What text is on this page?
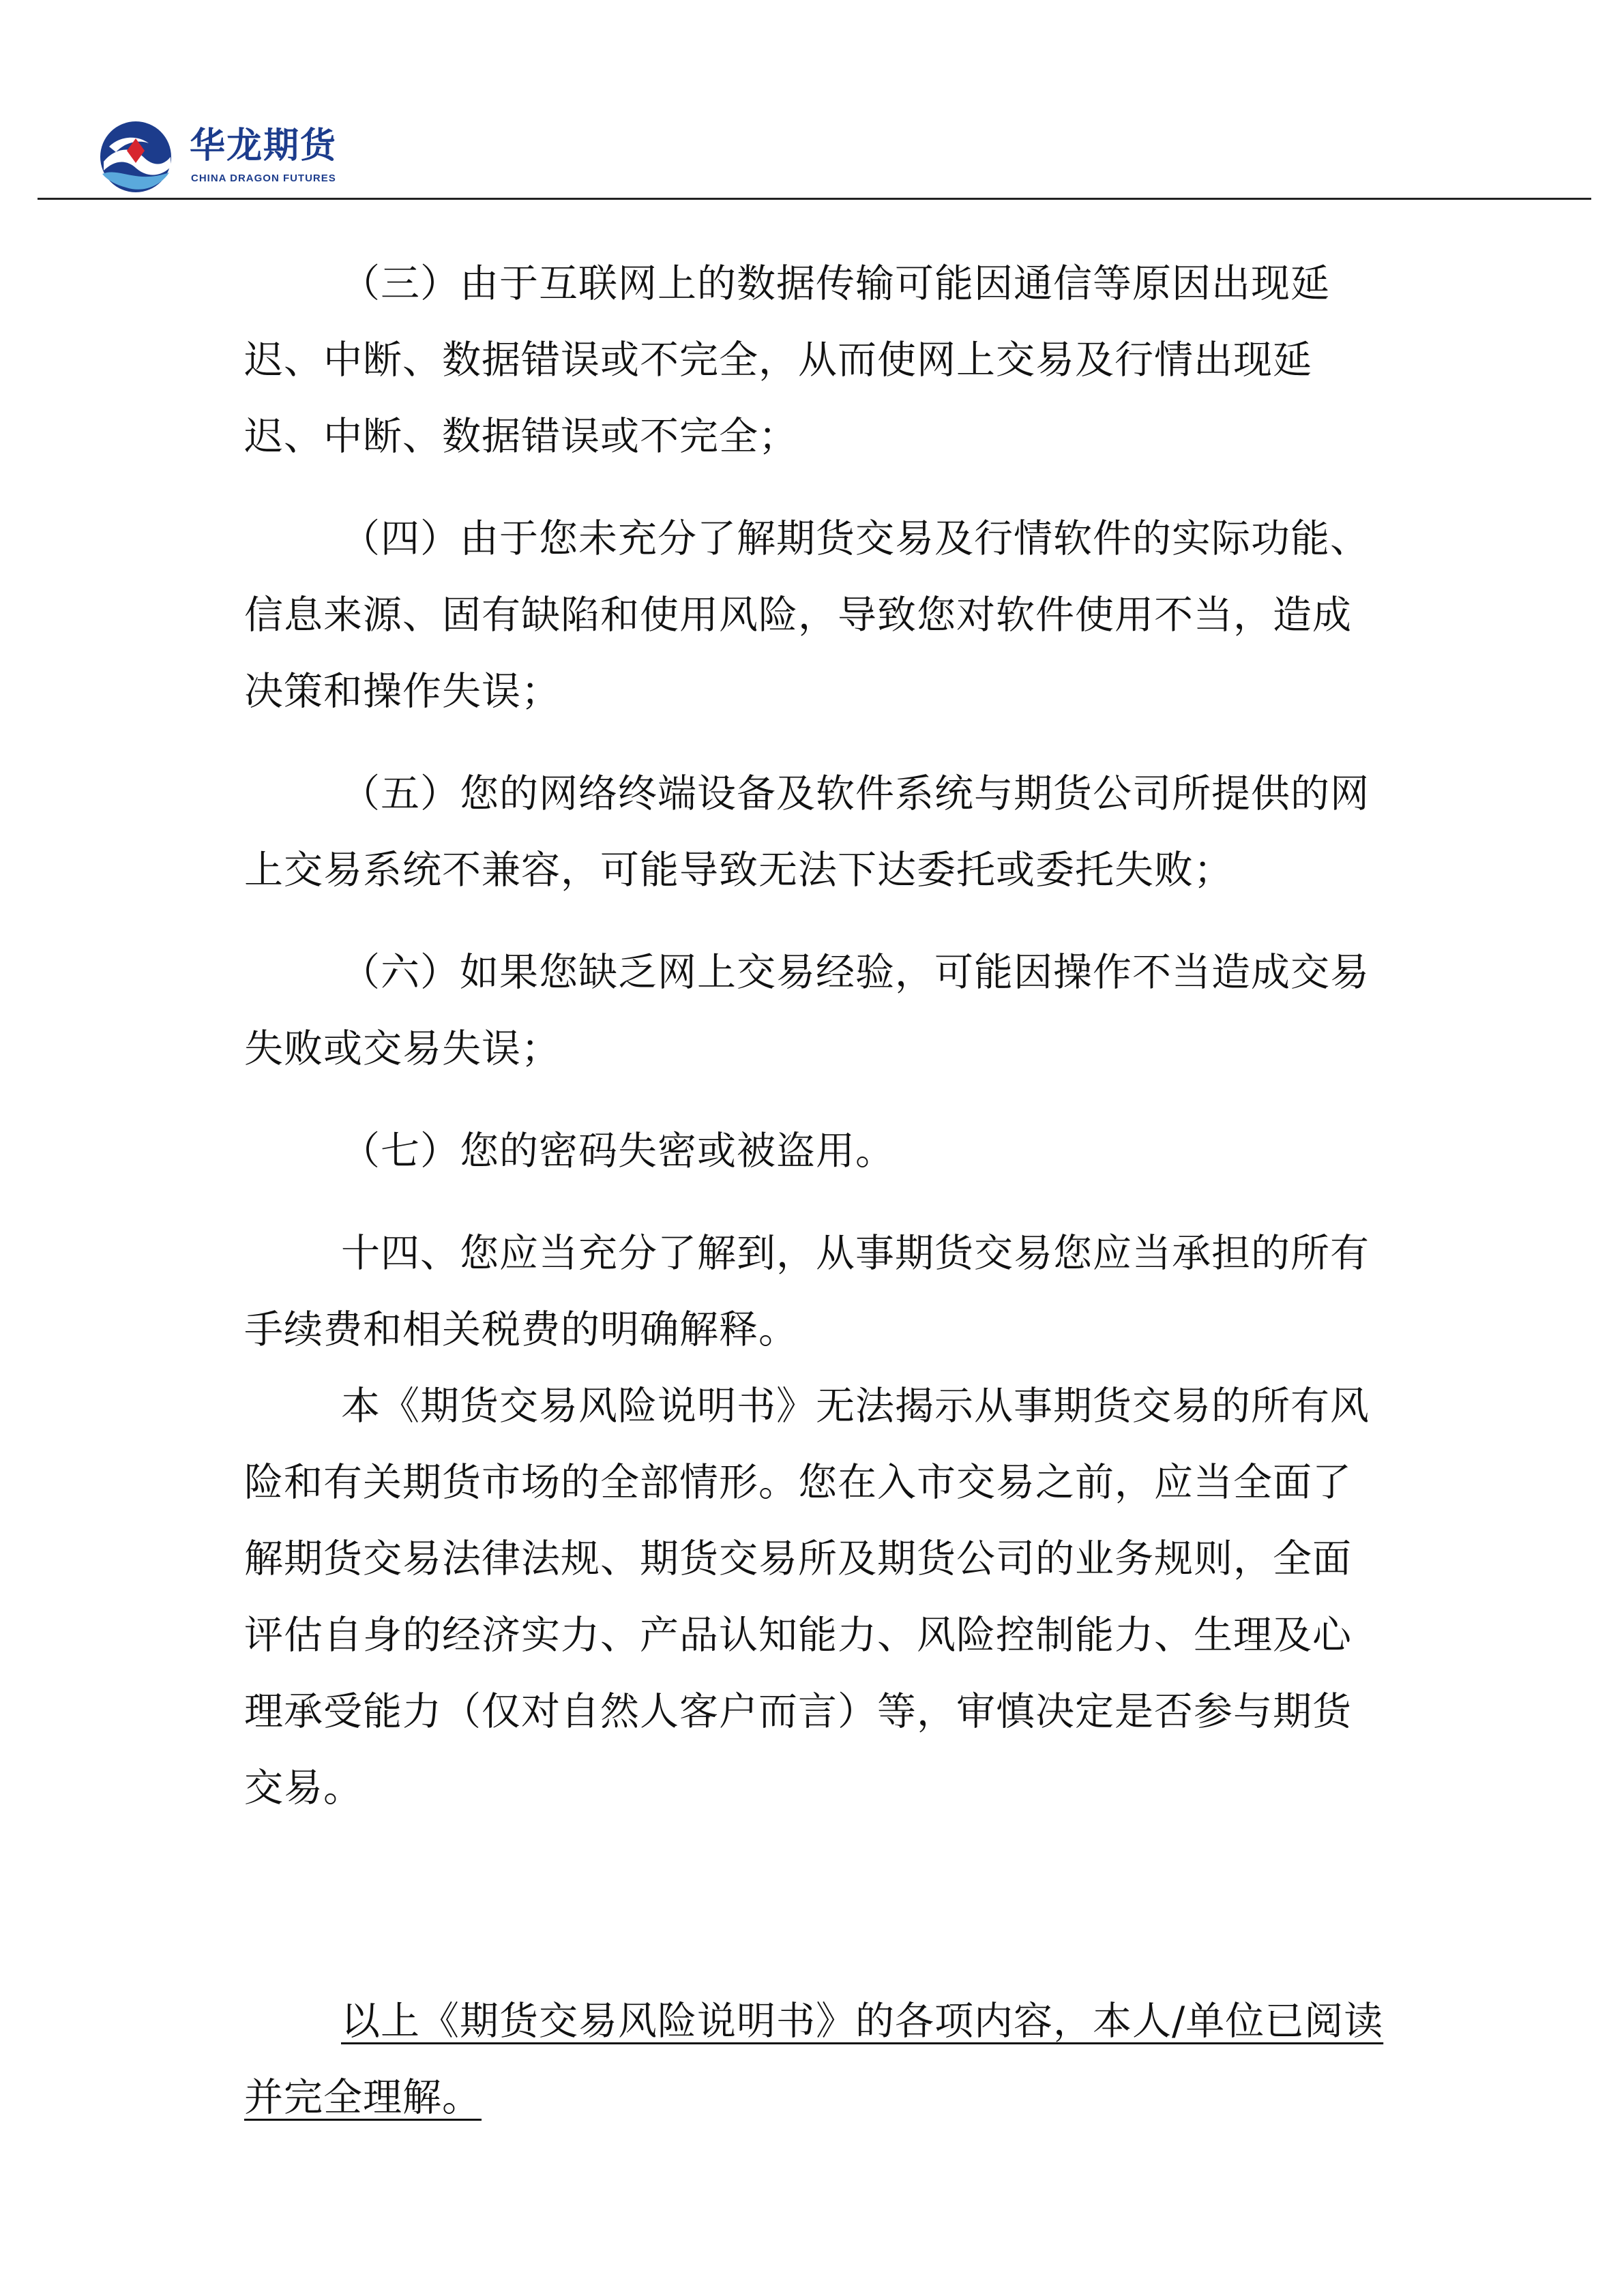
华龙期货
CHINA DRAGON FUTURES

（三）由于互联网上的数据传输可能因通信等原因出现延迟、中断、数据错误或不完全，从而使网上交易及行情出现延迟、中断、数据错误或不完全；

（四）由于您未充分了解期货交易及行情软件的实际功能、信息来源、固有缺陷和使用风险，导致您对软件使用不当，造成决策和操作失误；

（五）您的网络终端设备及软件系统与期货公司所提供的网上交易系统不兼容，可能导致无法下达委托或委托失败；

（六）如果您缺乏网上交易经验，可能因操作不当造成交易失败或交易失误；

（七）您的密码失密或被盗用。

十四、您应当充分了解到，从事期货交易您应当承担的所有手续费和相关税费的明确解释。

本《期货交易风险说明书》无法揭示从事期货交易的所有风险和有关期货市场的全部情形。您在入市交易之前，应当全面了解期货交易法律法规、期货交易所及期货公司的业务规则，全面评估自身的经济实力、产品认知能力、风险控制能力、生理及心理承受能力（仅对自然人客户而言）等，审慎决定是否参与期货交易。

以上《期货交易风险说明书》的各项内容，本人/单位已阅读并完全理解。
